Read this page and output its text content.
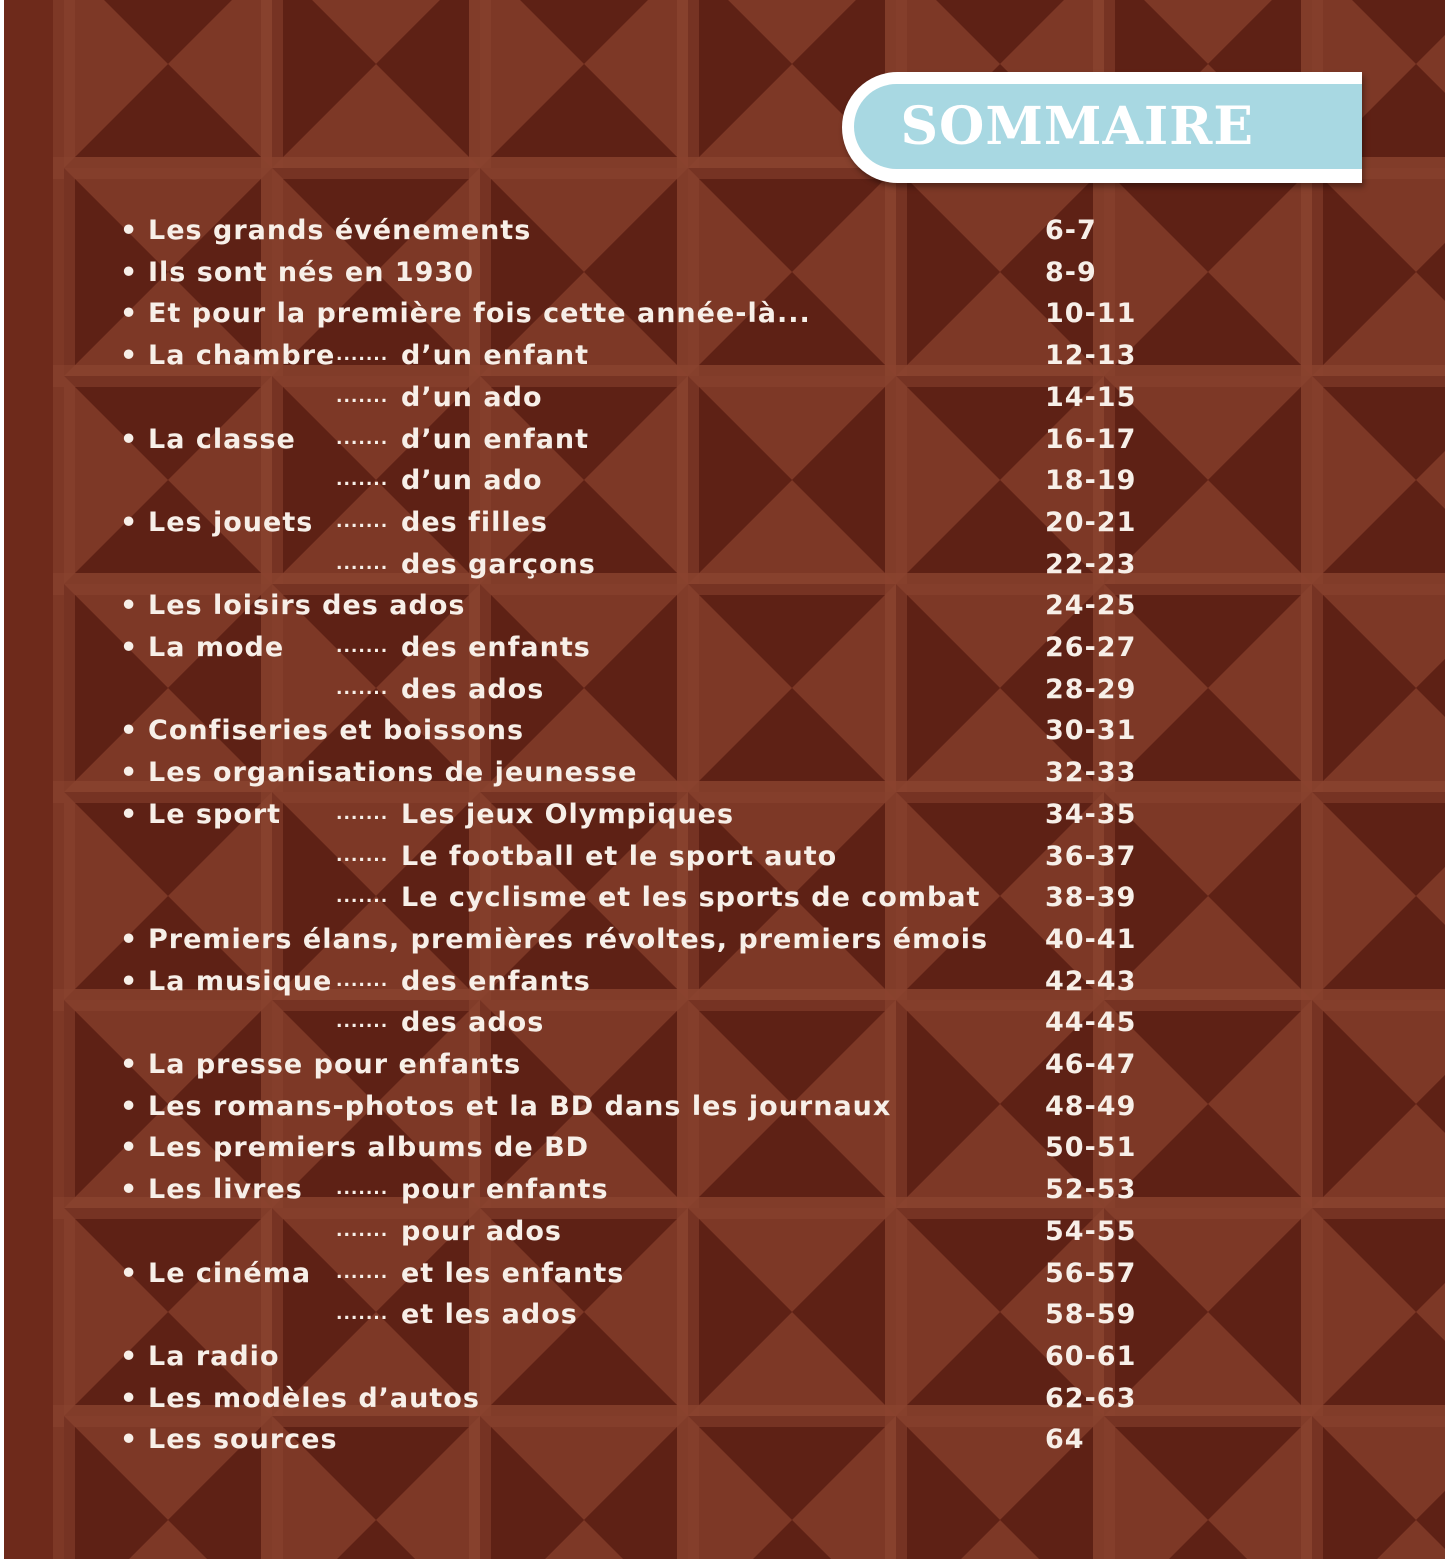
SOMMAIRE
• Les grands événements	6-7
• Ils sont nés en 1930	8-9
• Et pour la première fois cette année-là...	10-11
• La chambre ....... d’un enfant	12-13
....... d’un ado	14-15
• La classe ....... d’un enfant	16-17
....... d’un ado	18-19
• Les jouets ....... des filles	20-21
....... des garçons	22-23
• Les loisirs des ados	24-25
• La mode	....... des enfants	26-27
....... des ados	28-29
• Confiseries et boissons	30-31
• Les organisations de jeunesse	32-33
• Le sport	....... Les jeux Olympiques	34-35
....... Le football et le sport auto	36-37
....... Le cyclisme et les sports de combat 38-39
• Premiers élans, premières révoltes, premiers émois 40-41
• La musique ....... des enfants	42-43
....... des ados	44-45
• La presse pour enfants	46-47
• Les romans-photos et la BD dans les journaux	48-49
• Les premiers albums de BD	50-51
• Les livres ....... pour enfants	52-53
....... pour ados	54-55
• Le cinéma ....... et les enfants	56-57
....... et les ados	58-59
• La radio	60-61
• Les modèles d’autos	62-63
• Les sources	64
